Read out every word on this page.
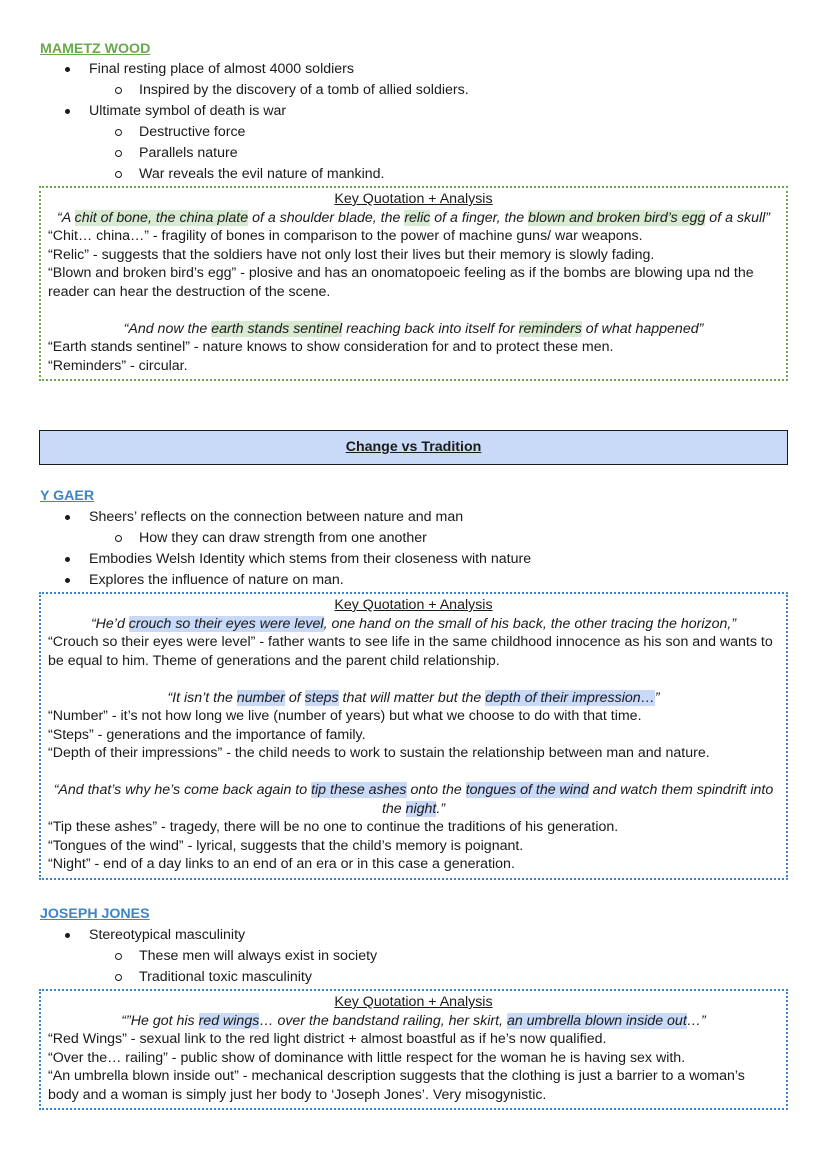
MAMETZ WOOD
Final resting place of almost 4000 soldiers
Inspired by the discovery of a tomb of allied soldiers.
Ultimate symbol of death is war
Destructive force
Parallels nature
War reveals the evil nature of mankind.
Key Quotation + Analysis
“A chit of bone, the china plate of a shoulder blade, the relic of a finger, the blown and broken bird’s egg of a skull”
“Chit… china…” - fragility of bones in comparison to the power of machine guns/ war weapons.
“Relic” - suggests that the soldiers have not only lost their lives but their memory is slowly fading.
“Blown and broken bird’s egg” - plosive and has an onomatopoeic feeling as if the bombs are blowing upa nd the reader can hear the destruction of the scene.
“And now the earth stands sentinel reaching back into itself for reminders of what happened”
“Earth stands sentinel” - nature knows to show consideration for and to protect these men.
“Reminders” - circular.
Change vs Tradition
Y GAER
Sheers’ reflects on the connection between nature and man
How they can draw strength from one another
Embodies Welsh Identity which stems from their closeness with nature
Explores the influence of nature on man.
Key Quotation + Analysis
“He’d crouch so their eyes were level, one hand on the small of his back, the other tracing the horizon,”
“Crouch so their eyes were level” - father wants to see life in the same childhood innocence as his son and wants to be equal to him. Theme of generations and the parent child relationship.
“It isn’t the number of steps that will matter but the depth of their impression…”
“Number” - it’s not how long we live (number of years) but what we choose to do with that time.
“Steps” - generations and the importance of family.
“Depth of their impressions” - the child needs to work to sustain the relationship between man and nature.
“And that’s why he’s come back again to tip these ashes onto the tongues of the wind and watch them spindrift into the night.”
“Tip these ashes” - tragedy, there will be no one to continue the traditions of his generation.
“Tongues of the wind” - lyrical, suggests that the child’s memory is poignant.
“Night” - end of a day links to an end of an era or in this case a generation.
JOSEPH JONES
Stereotypical masculinity
These men will always exist in society
Traditional toxic masculinity
Key Quotation + Analysis
“”He got his red wings… over the bandstand railing, her skirt, an umbrella blown inside out…”
“Red Wings” - sexual link to the red light district + almost boastful as if he’s now qualified.
“Over the… railing” - public show of dominance with little respect for the woman he is having sex with.
“An umbrella blown inside out” - mechanical description suggests that the clothing is just a barrier to a woman’s body and a woman is simply just her body to ‘Joseph Jones’. Very misogynistic.
